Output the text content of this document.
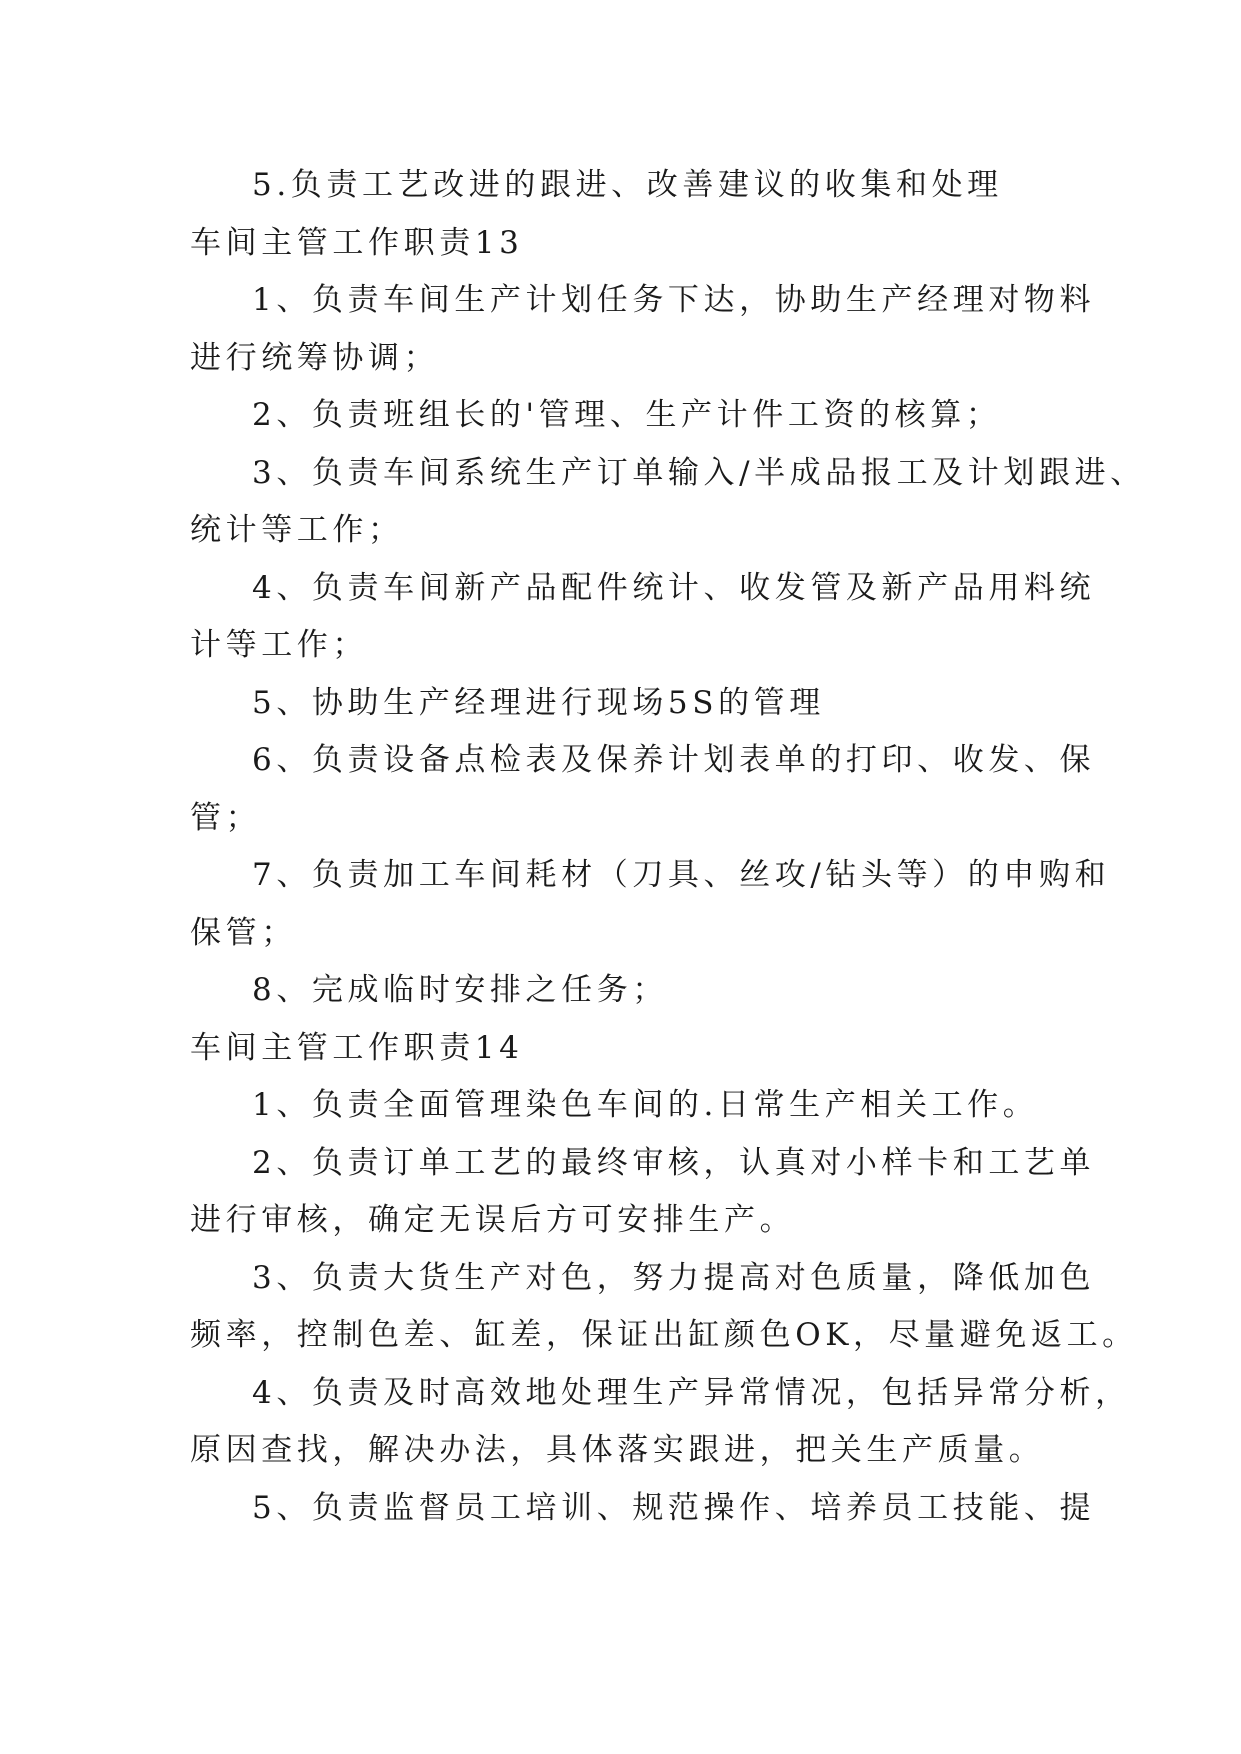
5.负责工艺改进的跟进、改善建议的收集和处理
车间主管工作职责13
1、负责车间生产计划任务下达，协助生产经理对物料
进行统筹协调；
2、负责班组长的'管理、生产计件工资的核算；
3、负责车间系统生产订单输入/半成品报工及计划跟进、
统计等工作；
4、负责车间新产品配件统计、收发管及新产品用料统
计等工作；
5、协助生产经理进行现场5S的管理
6、负责设备点检表及保养计划表单的打印、收发、保
管；
7、负责加工车间耗材（刀具、丝攻/钻头等）的申购和
保管；
8、完成临时安排之任务；
车间主管工作职责14
1、负责全面管理染色车间的.日常生产相关工作。
2、负责订单工艺的最终审核，认真对小样卡和工艺单
进行审核，确定无误后方可安排生产。
3、负责大货生产对色，努力提高对色质量，降低加色
频率，控制色差、缸差，保证出缸颜色OK，尽量避免返工。
4、负责及时高效地处理生产异常情况，包括异常分析，
原因查找，解决办法，具体落实跟进，把关生产质量。
5、负责监督员工培训、规范操作、培养员工技能、提
